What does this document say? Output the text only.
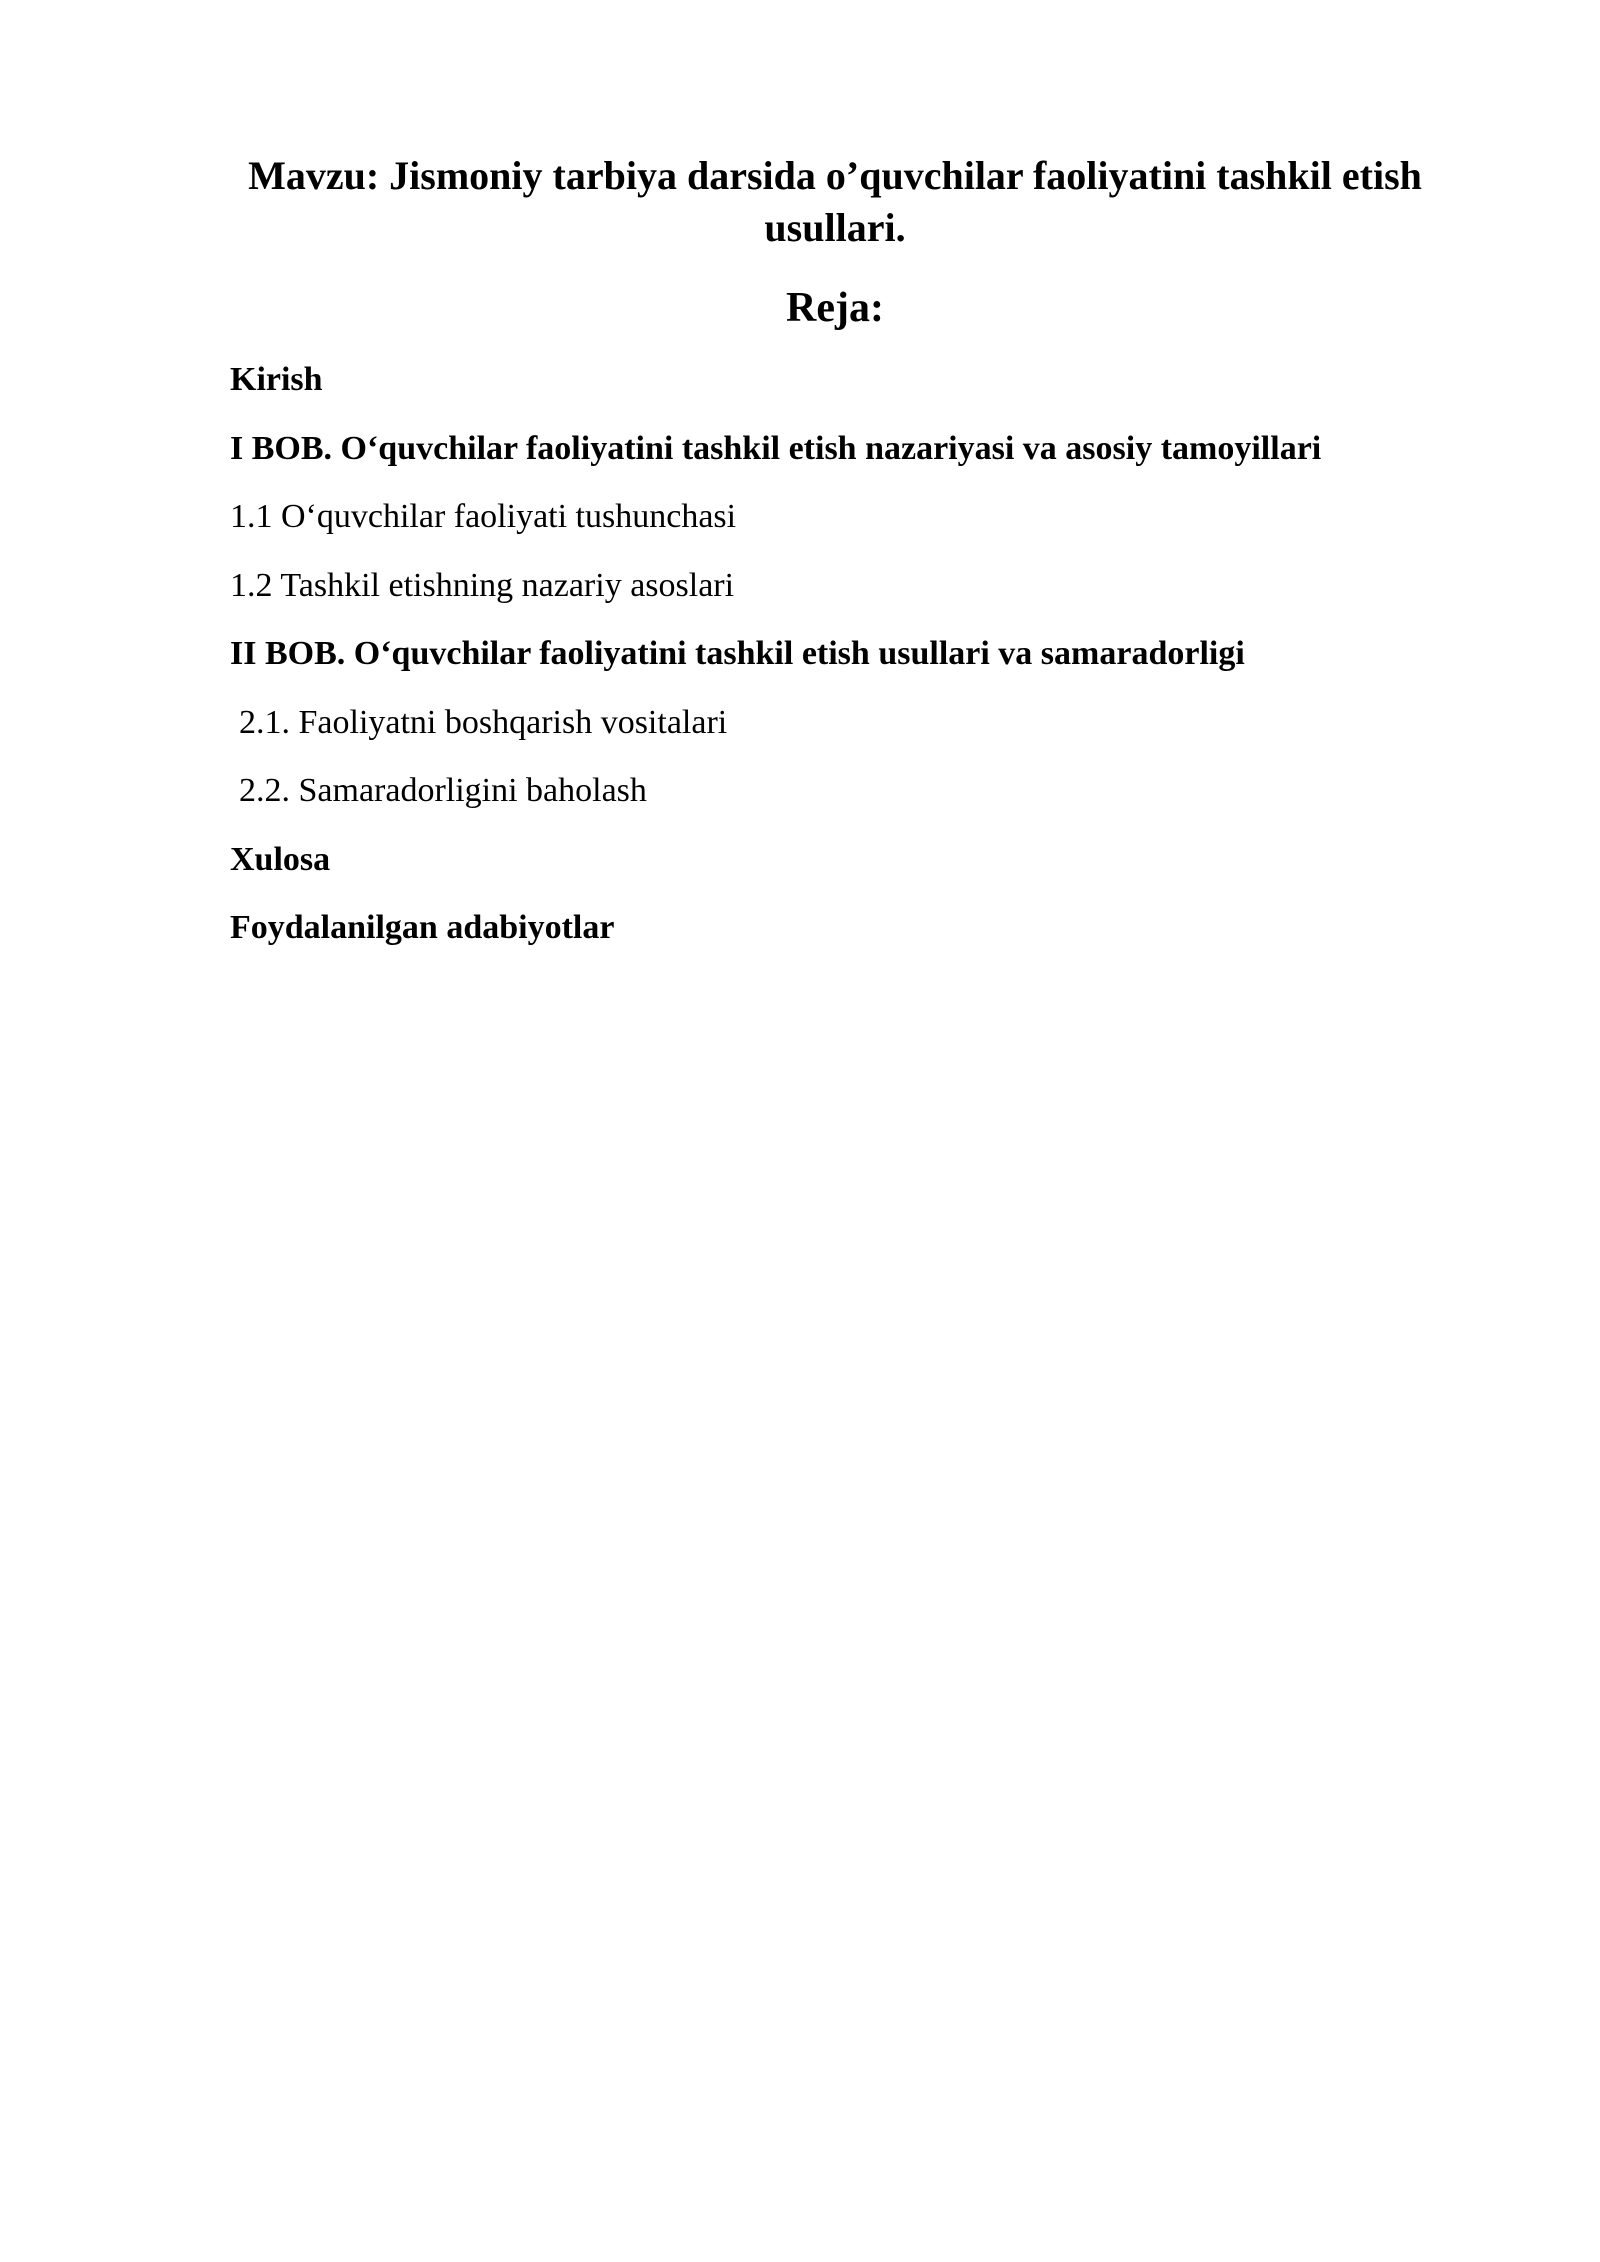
Mavzu: Jismoniy tarbiya darsida o’quvchilar faoliyatini tashkil etish usullari.
Reja:
Kirish
I BOB. O‘quvchilar faoliyatini tashkil etish nazariyasi va asosiy tamoyillari
1.1 O‘quvchilar faoliyati tushunchasi
1.2 Tashkil etishning nazariy asoslari
II BOB. O‘quvchilar faoliyatini tashkil etish usullari va samaradorligi
2.1. Faoliyatni boshqarish vositalari
2.2. Samaradorligini baholash
Xulosa
Foydalanilgan adabiyotlar
